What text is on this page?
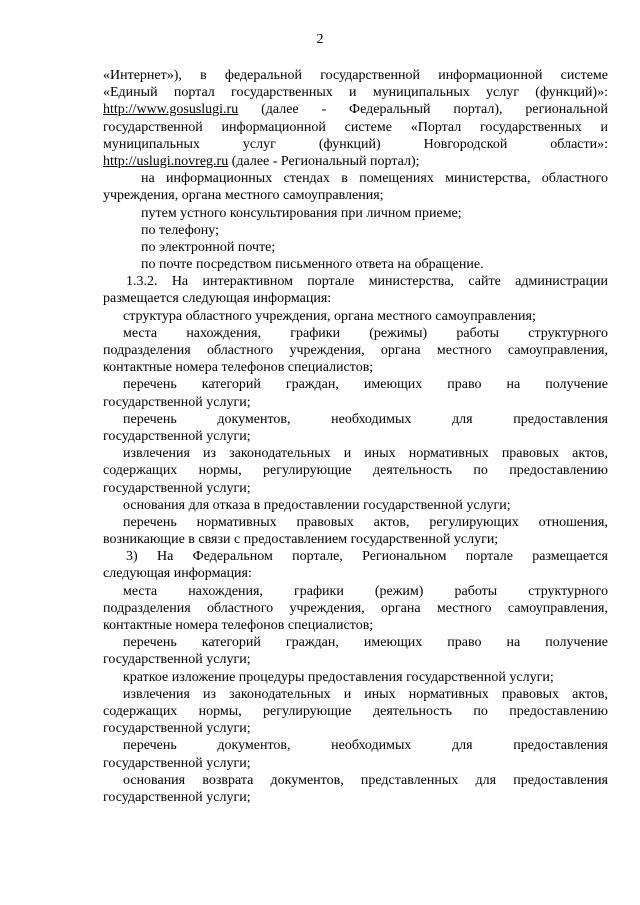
2
«Интернет»), в федеральной государственной информационной системе
«Единый портал государственных и муниципальных услуг (функций)»:
http://www.gosuslugi.ru (далее - Федеральный портал), региональной
государственной информационной системе «Портал государственных и
муниципальных услуг (функций) Новгородской области»:
http://uslugi.novreg.ru (далее - Региональный портал);
на информационных стендах в помещениях министерства, областного
учреждения, органа местного самоуправления;
путем устного консультирования при личном приеме;
по телефону;
по электронной почте;
по почте посредством письменного ответа на обращение.
1.3.2. На интерактивном портале министерства, сайте администрации
размещается следующая информация:
структура областного учреждения, органа местного самоуправления;
места нахождения, графики (режимы) работы структурного
подразделения областного учреждения, органа местного самоуправления,
контактные номера телефонов специалистов;
перечень категорий граждан, имеющих право на получение
государственной услуги;
перечень документов, необходимых для предоставления
государственной услуги;
извлечения из законодательных и иных нормативных правовых актов,
содержащих нормы, регулирующие деятельность по предоставлению
государственной услуги;
основания для отказа в предоставлении государственной услуги;
перечень нормативных правовых актов, регулирующих отношения,
возникающие в связи с предоставлением государственной услуги;
3) На Федеральном портале, Региональном портале размещается
следующая информация:
места нахождения, графики (режим) работы структурного
подразделения областного учреждения, органа местного самоуправления,
контактные номера телефонов специалистов;
перечень категорий граждан, имеющих право на получение
государственной услуги;
краткое изложение процедуры предоставления государственной услуги;
извлечения из законодательных и иных нормативных правовых актов,
содержащих нормы, регулирующие деятельность по предоставлению
государственной услуги;
перечень документов, необходимых для предоставления
государственной услуги;
основания возврата документов, представленных для предоставления
государственной услуги;
